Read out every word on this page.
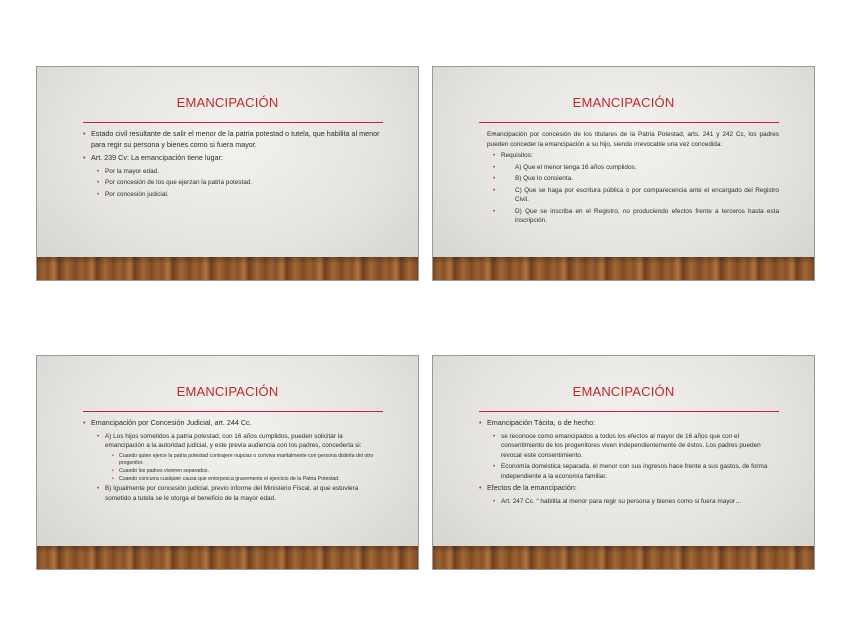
EMANCIPACIÓN
• Estado civil resultante de salir el menor de la patria potestad o tutela, que habilita al menor para regir su persona y bienes como si fuera mayor.
• Art. 239 Cv: La emancipación tiene lugar:
• Por la mayor edad.
• Por concesión de los que ejerzan la patria potestad.
• Por concesión judicial.
EMANCIPACIÓN
• Emancipación por concesión de los titulares de la Patria Potestad, arts. 241 y 242 Cc, los padres pueden conceder la emancipación a su hijo, siendo irrevocable una vez concedida:
• Requisitos:
• A) Que el menor tenga 16 años cumplidos.
• B) Que lo consienta.
• C) Que se haga por escritura pública o por comparecencia ante el encargado del Registro Civil.
• D) Que se inscriba en el Registro, no produciendo efectos frente a terceros hasta esta inscripción.
EMANCIPACIÓN
• Emancipación por Concesión Judicial, art. 244 Cc.
• A) Los hijos sometidos a patria potestad, con 16 años cumplidos, pueden solicitar la emancipación a la autoridad judicial, y este previa audiencia con los padres, concederla si:
• Cuando quien ejerce la patria potestad contrajere nupcias o conviva maritalmente con persona distinta del otro progenitor.
• Cuando los padres vivieren separados.
• Cuando concurra cualquier causa que entorpezca gravemente el ejercicio de la Patria Potestad.
• B) Igualmente por concesión judicial, previo informe del Ministerio Fiscal, al que estuviera sometido a tutela se le otorga el beneficio de la mayor edad.
EMANCIPACIÓN
• Emancipación Tácita, o de hecho:
• se reconoce como emancipados a todos los efectos al mayor de 16 años que con el consentimiento de los progenitores viven independientemente de éstos. Los padres pueden revocar este consentimiento.
• Economía doméstica separada, el menor con sus ingresos hace frente a sus gastos, de forma independiente a la economía familiar.
• Efectos de la emancipación:
• Art. 247 Cc. “ habilita al menor para regir su persona y bienes como si fuera mayor…
